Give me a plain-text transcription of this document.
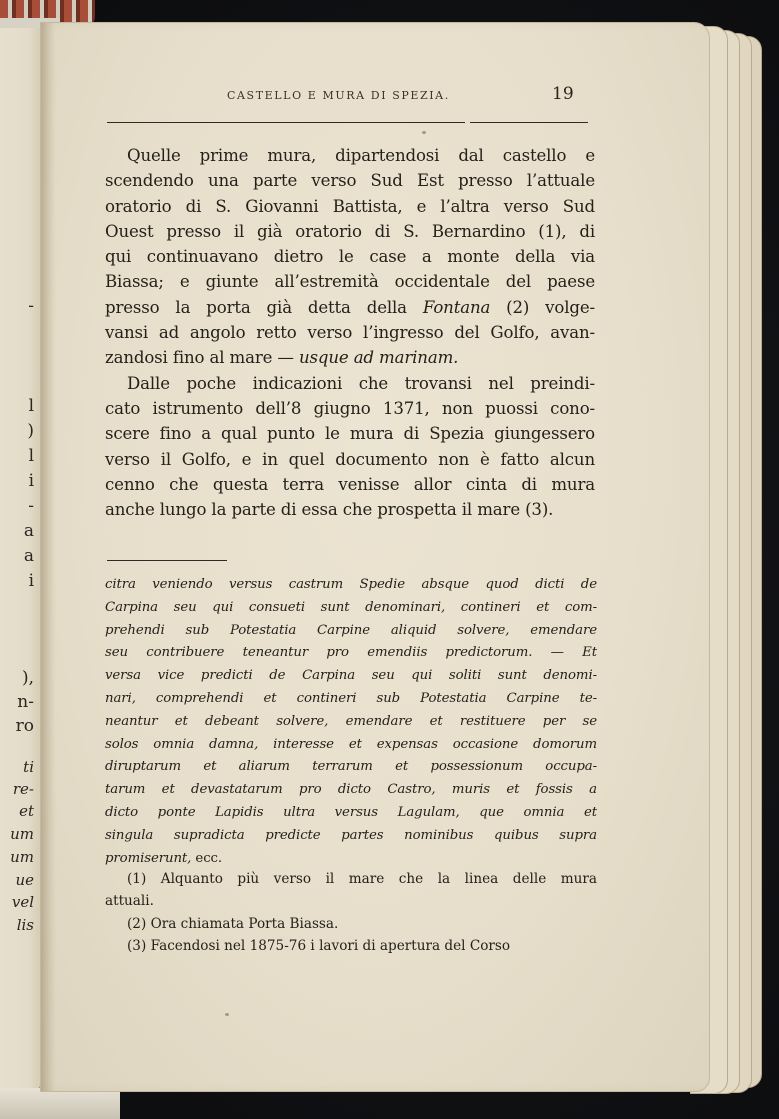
-
l
)
l
i
-
a
a
i
),
n-
ro
ti
re-
et
um
um
ue
vel
lis
CASTELLO E MURA DI SPEZIA.	19
Quelle prime mura, dipartendosi dal castello e
scendendo una parte verso Sud Est presso l’attuale
oratorio di S. Giovanni Battista, e l’altra verso Sud
Ouest presso il già oratorio di S. Bernardino (1), di
qui continuavano dietro le case a monte della via
Biassa; e giunte all’estremità occidentale del paese
presso la porta già detta della Fontana (2) volge-
vansi ad angolo retto verso l’ingresso del Golfo, avan-
zandosi fino al mare — usque ad marinam.
Dalle poche indicazioni che trovansi nel preindi-
cato istrumento dell’8 giugno 1371, non puossi cono-
scere fino a qual punto le mura di Spezia giungessero
verso il Golfo, e in quel documento non è fatto alcun
cenno che questa terra venisse allor cinta di mura
anche lungo la parte di essa che prospetta il mare (3).
citra veniendo versus castrum Spedie absque quod dicti de
Carpina seu qui consueti sunt denominari, contineri et com-
prehendi sub Potestatia Carpine aliquid solvere, emendare
seu contribuere teneantur pro emendiis predictorum. — Et
versa vice predicti de Carpina seu qui soliti sunt denomi-
nari, comprehendi et contineri sub Potestatia Carpine te-
neantur et debeant solvere, emendare et restituere per se
solos omnia damna, interesse et expensas occasione domorum
diruptarum et aliarum terrarum et possessionum occupa-
tarum et devastatarum pro dicto Castro, muris et fossis a
dicto ponte Lapidis ultra versus Lagulam, que omnia et
singula supradicta predicte partes nominibus quibus supra
promiserunt, ecc.
(1) Alquanto più verso il mare che la linea delle mura
attuali.
(2) Ora chiamata Porta Biassa.
(3) Facendosi nel 1875-76 i lavori di apertura del Corso
